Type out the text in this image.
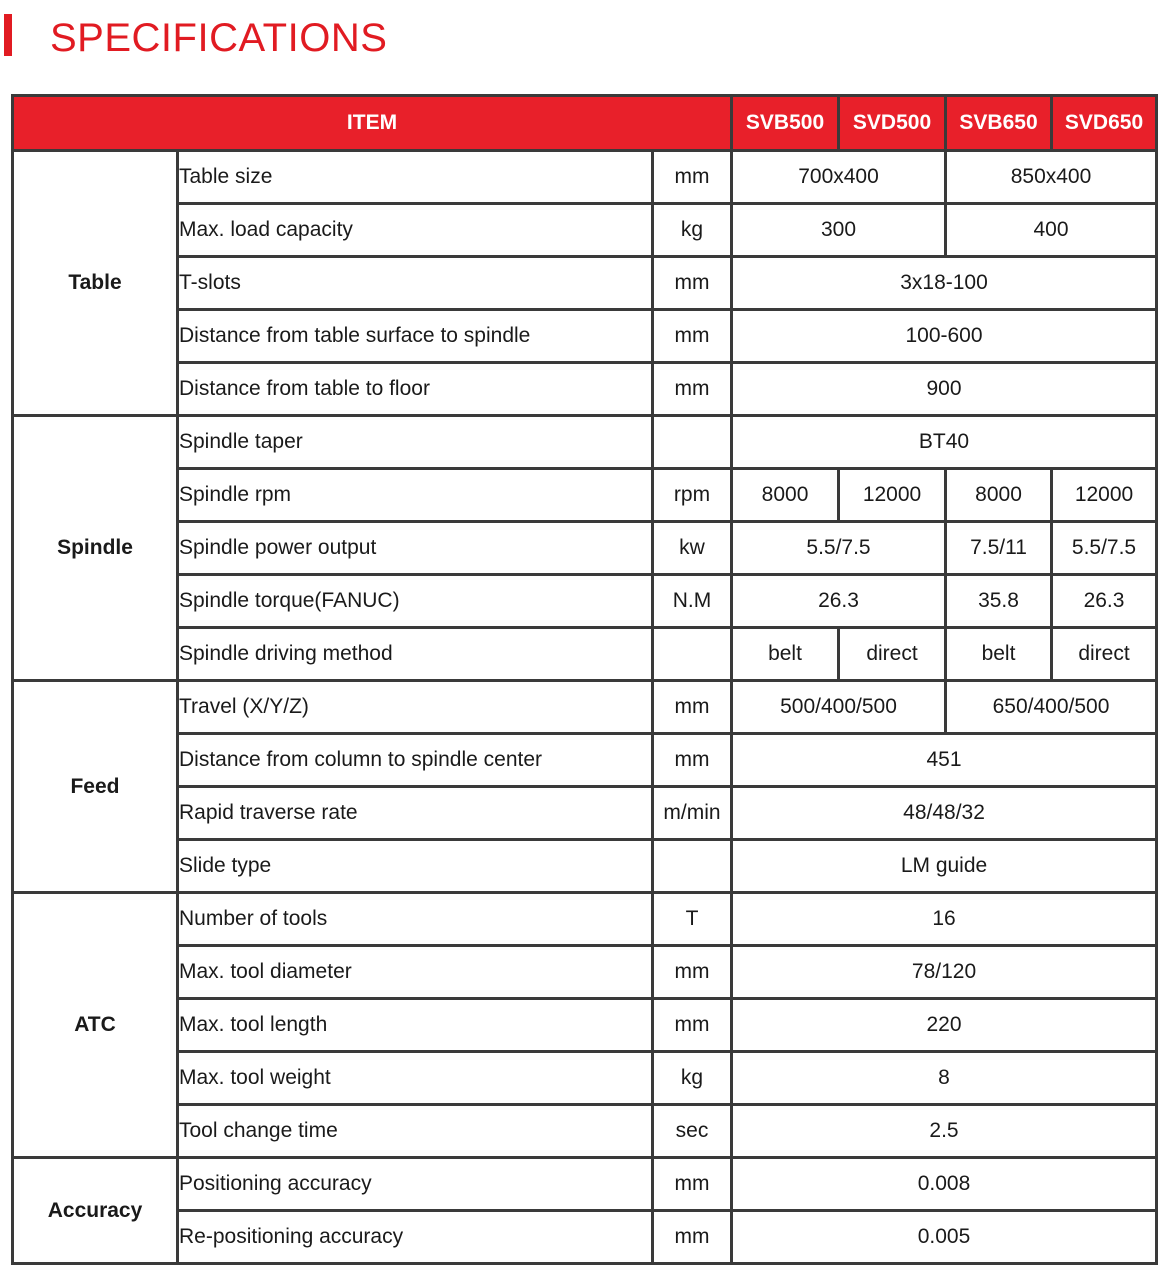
SPECIFICATIONS
ITEM			SVB500	SVD500	SVB650	SVD650
Table	Table size	mm	700x400		850x400	
	Max. load capacity	kg	300		400	
	T-slots	mm	3x18-100			
	Distance from table surface to spindle	mm	100-600			
	Distance from table to floor	mm	900			
Spindle	Spindle taper		BT40			
	Spindle rpm	rpm	8000	12000	8000	12000
	Spindle power output	kw	5.5/7.5		7.5/11	5.5/7.5
	Spindle torque(FANUC)	N.M	26.3		35.8	26.3
	Spindle driving method		belt	direct	belt	direct
Feed	Travel (X/Y/Z)	mm	500/400/500		650/400/500	
	Distance from column to spindle center	mm	451			
	Rapid traverse rate	m/min	48/48/32			
	Slide type		LM guide			
ATC	Number of tools	T	16			
	Max. tool diameter	mm	78/120			
	Max. tool length	mm	220			
	Max. tool weight	kg	8			
	Tool change time	sec	2.5			
Accuracy	Positioning accuracy	mm	0.008			
	Re-positioning accuracy	mm	0.005			
